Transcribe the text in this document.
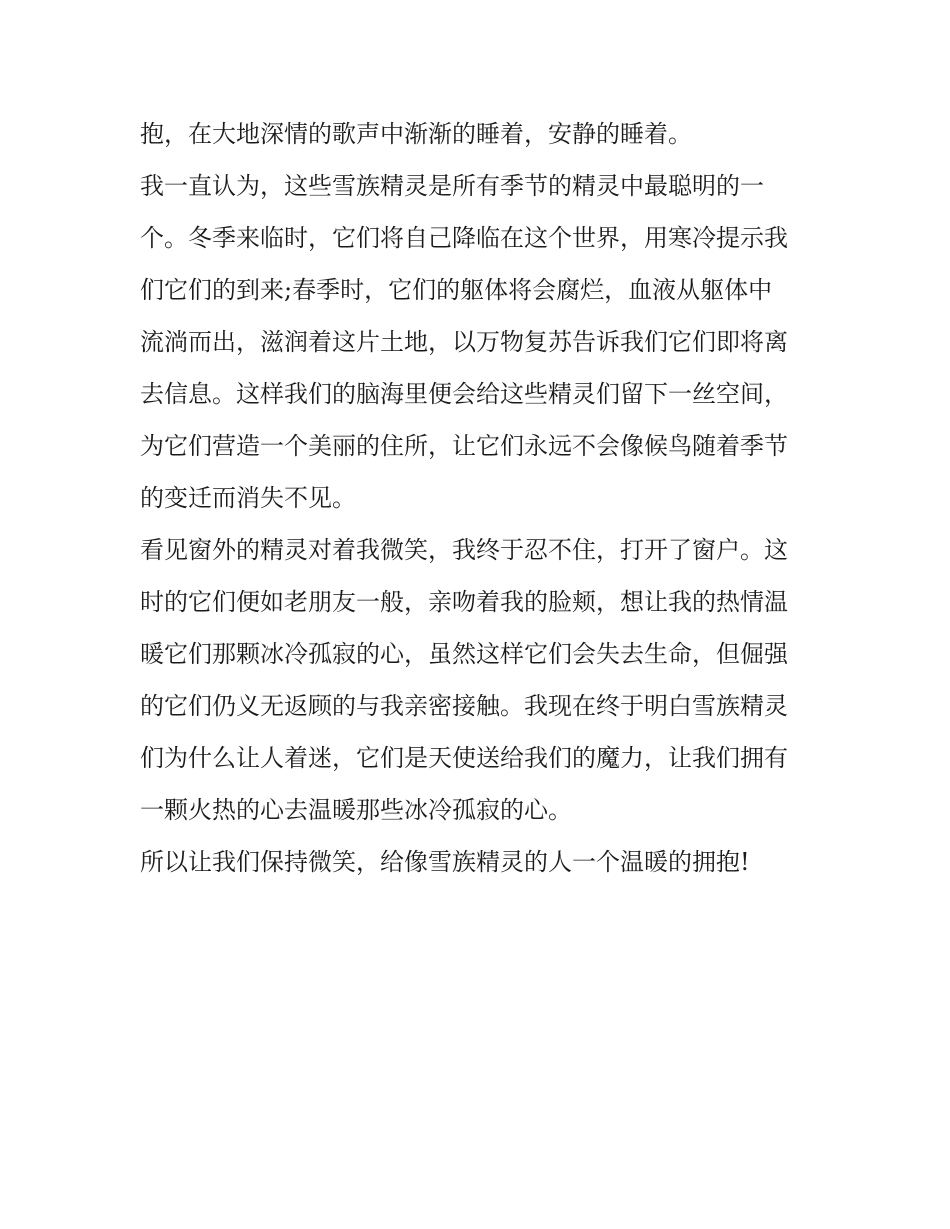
抱，在大地深情的歌声中渐渐的睡着，安静的睡着。
我一直认为，这些雪族精灵是所有季节的精灵中最聪明的一
个。冬季来临时，它们将自己降临在这个世界，用寒冷提示我
们它们的到来;春季时，它们的躯体将会腐烂，血液从躯体中
流淌而出，滋润着这片土地，以万物复苏告诉我们它们即将离
去信息。这样我们的脑海里便会给这些精灵们留下一丝空间，
为它们营造一个美丽的住所，让它们永远不会像候鸟随着季节
的变迁而消失不见。
看见窗外的精灵对着我微笑，我终于忍不住，打开了窗户。这
时的它们便如老朋友一般，亲吻着我的脸颊，想让我的热情温
暖它们那颗冰冷孤寂的心，虽然这样它们会失去生命，但倔强
的它们仍义无返顾的与我亲密接触。我现在终于明白雪族精灵
们为什么让人着迷，它们是天使送给我们的魔力，让我们拥有
一颗火热的心去温暖那些冰冷孤寂的心。
所以让我们保持微笑，给像雪族精灵的人一个温暖的拥抱!
